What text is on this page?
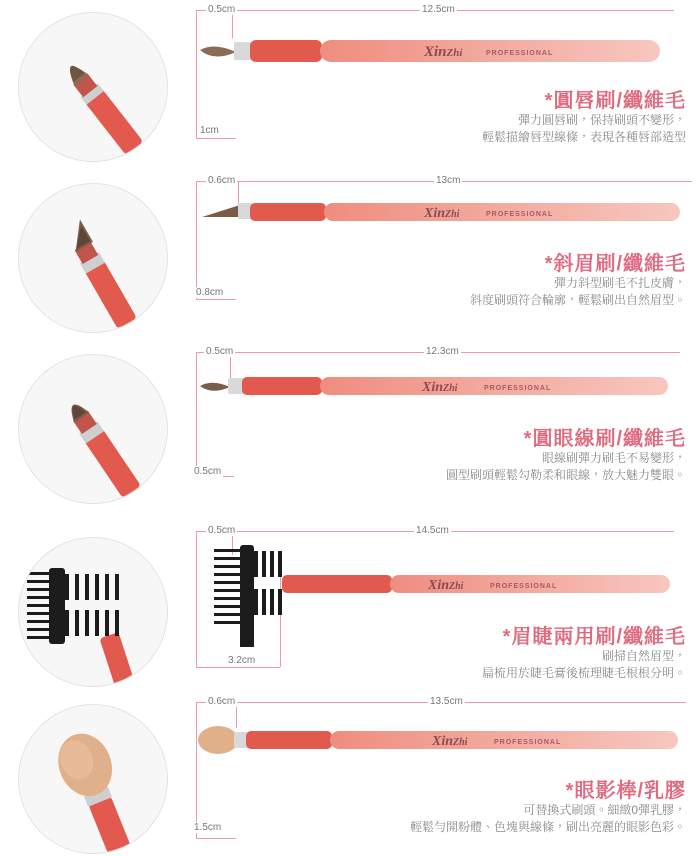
0.5cm	12.5cm
1cm
XinZhi	PROFESSIONAL
*圓唇刷/纖維毛
彈力圓唇刷，保持刷頭不變形，
輕鬆描繪唇型線條，表現各種唇部造型
0.6cm	13cm
0.8cm
XinZhi	PROFESSIONAL
*斜眉刷/纖維毛
彈力斜型刷毛不扎皮膚，
斜度刷頭符合輪廓，輕鬆刷出自然眉型。
0.5cm	12.3cm
0.5cm
XinZhi	PROFESSIONAL
*圓眼線刷/纖維毛
眼線刷彈力刷毛不易變形，
圓型刷頭輕鬆勾勒柔和眼線，放大魅力雙眼。
0.5cm	14.5cm
3.2cm
XinZhi	PROFESSIONAL
*眉睫兩用刷/纖維毛
刷掃自然眉型，
扁梳用於睫毛膏後梳理睫毛根根分明。
0.6cm	13.5cm
1.5cm
XinZhi	PROFESSIONAL
*眼影棒/乳膠
可替換式刷頭。細緻0彈乳膠，
輕鬆勻開粉體、色塊與線條，刷出亮麗的眼影色彩。
